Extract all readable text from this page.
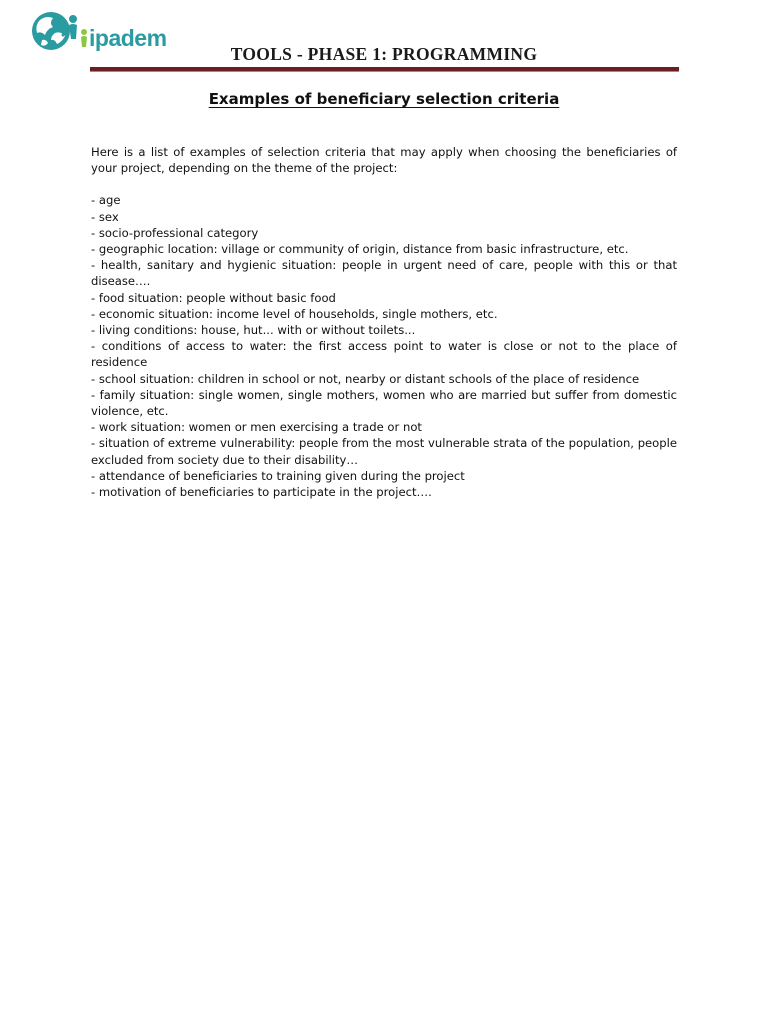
ipadem
TOOLS - PHASE 1: PROGRAMMING
Examples of beneficiary selection criteria

Here is a list of examples of selection criteria that may apply when choosing the beneficiaries of your project, depending on the theme of the project:

- age
- sex
- socio-professional category
- geographic location: village or community of origin, distance from basic infrastructure, etc.
- health, sanitary and hygienic situation: people in urgent need of care, people with this or that disease….
- food situation: people without basic food
- economic situation: income level of households, single mothers, etc.
- living conditions: house, hut... with or without toilets...
- conditions of access to water: the first access point to water is close or not to the place of residence
- school situation: children in school or not, nearby or distant schools of the place of residence
- family situation: single women, single mothers, women who are married but suffer from domestic violence, etc.
- work situation: women or men exercising a trade or not
- situation of extreme vulnerability: people from the most vulnerable strata of the population, people excluded from society due to their disability…
- attendance of beneficiaries to training given during the project
- motivation of beneficiaries to participate in the project….
